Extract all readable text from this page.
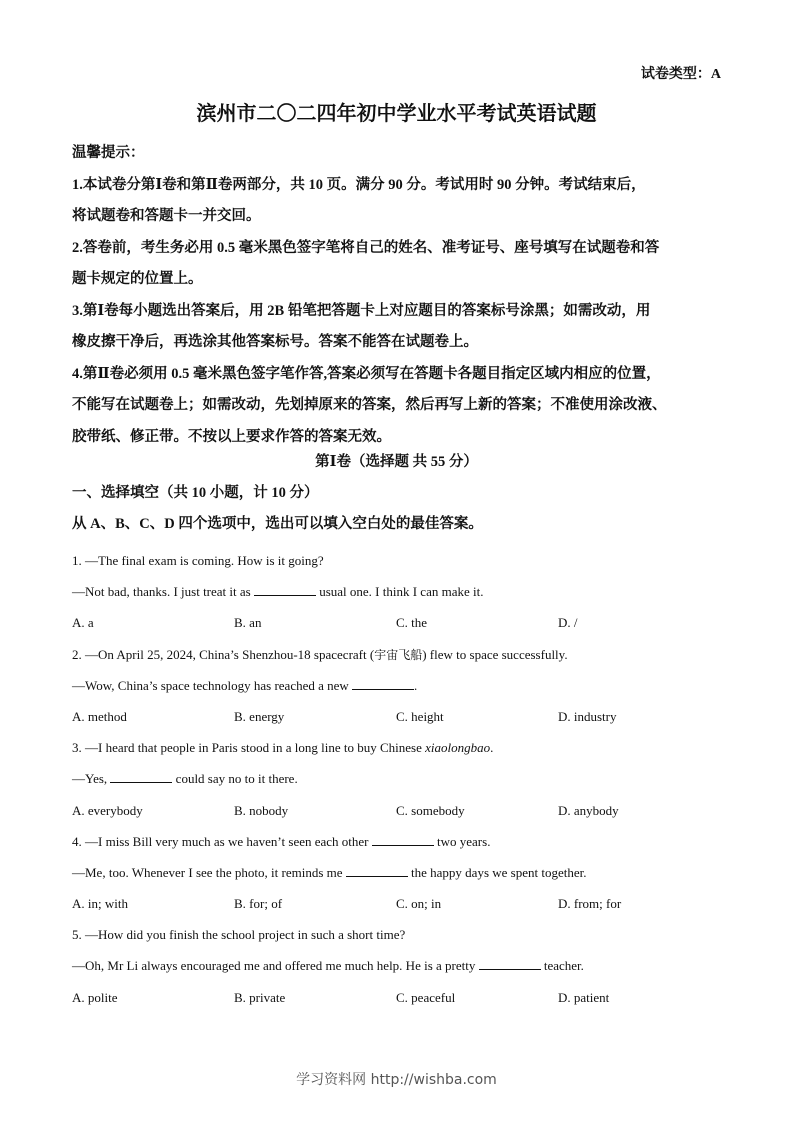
试卷类型：A
滨州市二〇二四年初中学业水平考试英语试题
温馨提示：
1.本试卷分第Ⅰ卷和第Ⅱ卷两部分，共 10 页。满分 90 分。考试用时 90 分钟。考试结束后，
将试题卷和答题卡一并交回。
2.答卷前，考生务必用 0.5 毫米黑色签字笔将自己的姓名、准考证号、座号填写在试题卷和答
题卡规定的位置上。
3.第Ⅰ卷每小题选出答案后，用 2B 铅笔把答题卡上对应题目的答案标号涂黑；如需改动，用
橡皮擦干净后，再选涂其他答案标号。答案不能答在试题卷上。
4.第Ⅱ卷必须用 0.5 毫米黑色签字笔作答,答案必须写在答题卡各题目指定区域内相应的位置，
不能写在试题卷上；如需改动，先划掉原来的答案，然后再写上新的答案；不准使用涂改液、
胶带纸、修正带。不按以上要求作答的答案无效。
第Ⅰ卷（选择题 共 55 分）
一、选择填空（共 10 小题，计 10 分）
从 A、B、C、D 四个选项中，选出可以填入空白处的最佳答案。
1. —The final exam is coming. How is it going?
—Not bad, thanks. I just treat it as	usual one. I think I can make it.
A. a	B. an	C. the	D. /
2. —On April 25, 2024, China’s Shenzhou-18 spacecraft (宇宙飞船) flew to space successfully.
—Wow, China’s space technology has reached a new	.
A. method	B. energy	C. height	D. industry
3. —I heard that people in Paris stood in a long line to buy Chinese xiaolongbao.
—Yes,	could say no to it there.
A. everybody	B. nobody	C. somebody	D. anybody
4. —I miss Bill very much as we haven’t seen each other	two years.
—Me, too. Whenever I see the photo, it reminds me	the happy days we spent together.
A. in; with	B. for; of	C. on; in	D. from; for
5. —How did you finish the school project in such a short time?
—Oh, Mr Li always encouraged me and offered me much help. He is a pretty	teacher.
A. polite	B. private	C. peaceful	D. patient
学习资料网 http://wishba.com
